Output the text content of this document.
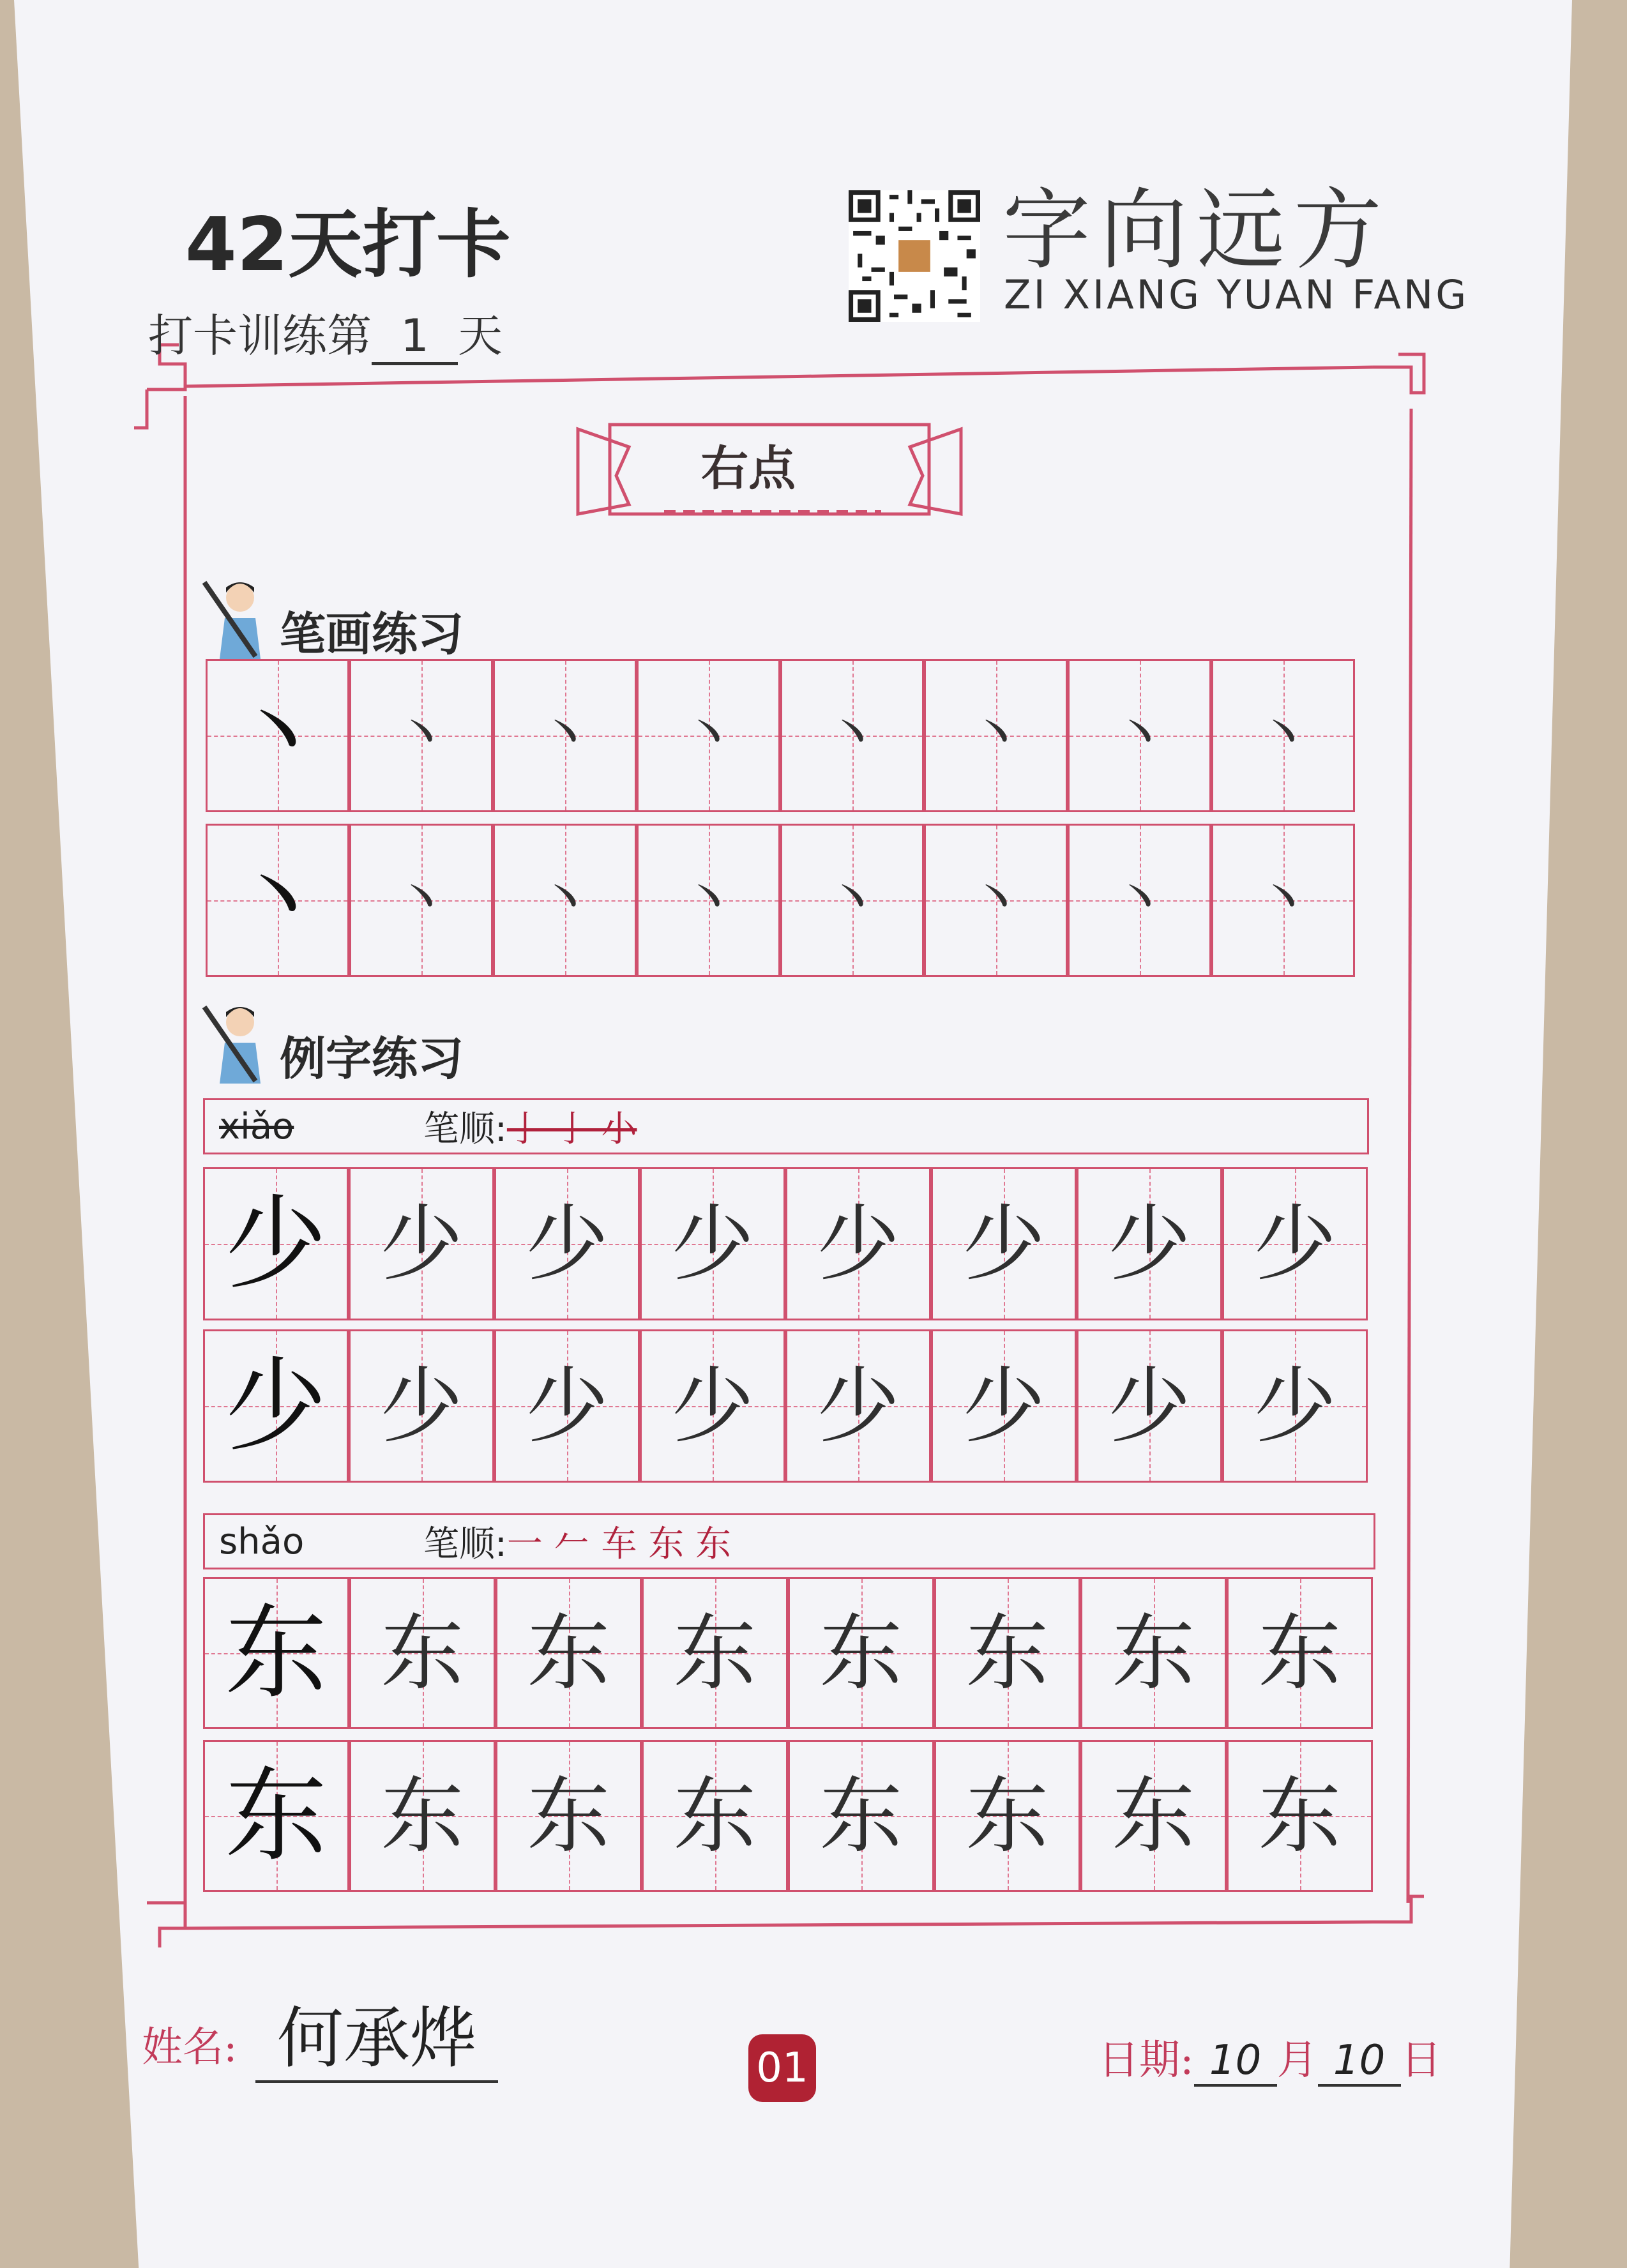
42天打卡
打卡训练第 1 天
字向远方
ZI XIANG YUAN FANG
右点
笔画练习
例字练习
丶 丶 丶 丶 丶 丶 丶 丶
丶 丶 丶 丶 丶 丶 丶 丶
xiǎo	笔顺: 亅 亅 小
少 少 少 少 少 少 少 少
少 少 少 少 少 少 少 少
shǎo	笔顺: 一 𠂉 车 东 东
东 东 东 东 东 东 东 东
东 东 东 东 东 东 东 东
姓名: 何承烨	01	日期: 10 月 10 日
